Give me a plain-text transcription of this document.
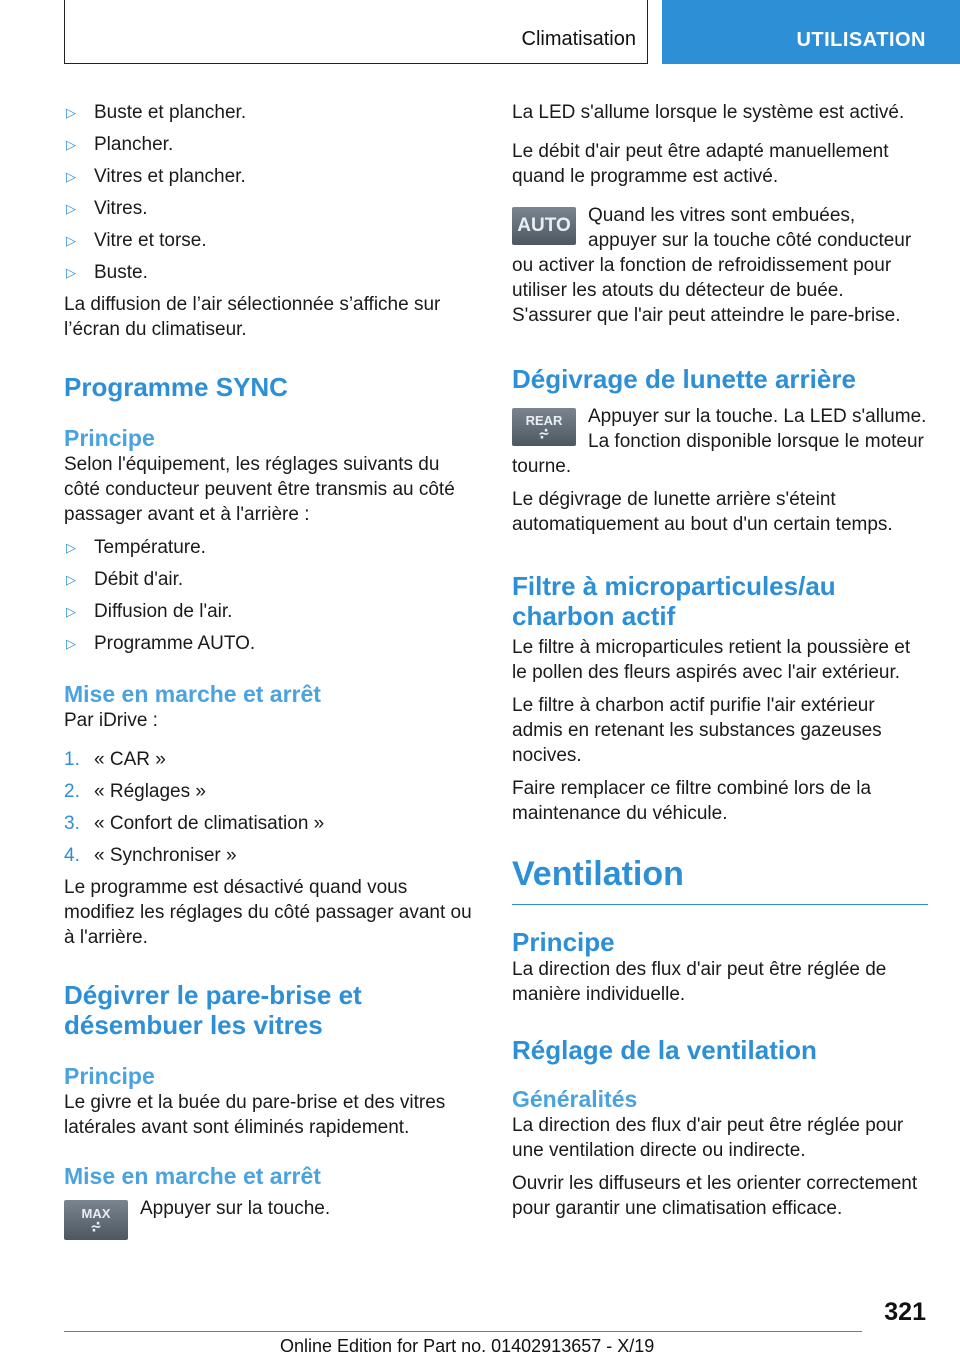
Climatisation	UTILISATION
▷ Buste et plancher.
▷ Plancher.
▷ Vitres et plancher.
▷ Vitres.
▷ Vitre et torse.
▷ Buste.

La diffusion de l’air sélectionnée s’affiche sur l’écran du climatiseur.

Programme SYNC
Principe

Selon l'équipement, les réglages suivants du côté conducteur peuvent être transmis au côté passager avant et à l'arrière :

▷ Température.
▷ Débit d'air.
▷ Diffusion de l'air.
▷ Programme AUTO.
Mise en marche et arrêt

Par iDrive :

1. « CAR »
2. « Réglages »
3. « Confort de climatisation »
4. « Synchroniser »

Le programme est désactivé quand vous modifiez les réglages du côté passager avant ou à l'arrière.

Dégivrer le pare-brise et désembuer les vitres
Principe

Le givre et la buée du pare-brise et des vitres latérales avant sont éliminés rapidement.

Mise en marche et arrêt
MAX
⩫

Appuyer sur la touche.

La LED s'allume lorsque le système est activé.

Le débit d'air peut être adapté manuellement quand le programme est activé.

AUTO Quand les vitres sont embuées, appuyer sur la touche côté conducteur ou activer la fonction de refroidissement pour utiliser les atouts du détecteur de buée. S'assurer que l'air peut atteindre le pare-brise.

Dégivrage de lunette arrière
REAR
⩫

Appuyer sur la touche. La LED s'allume. La fonction disponible lorsque le moteur tourne.

Le dégivrage de lunette arrière s'éteint automatiquement au bout d'un certain temps.

Filtre à microparticules/au charbon actif

Le filtre à microparticules retient la poussière et le pollen des fleurs aspirés avec l'air extérieur.

Le filtre à charbon actif purifie l'air extérieur admis en retenant les substances gazeuses nocives.

Faire remplacer ce filtre combiné lors de la maintenance du véhicule.

Ventilation
Principe

La direction des flux d'air peut être réglée de manière individuelle.

Réglage de la ventilation
Généralités

La direction des flux d'air peut être réglée pour une ventilation directe ou indirecte.

Ouvrir les diffuseurs et les orienter correctement pour garantir une climatisation efficace.

321
Online Edition for Part no. 01402913657 - X/19
